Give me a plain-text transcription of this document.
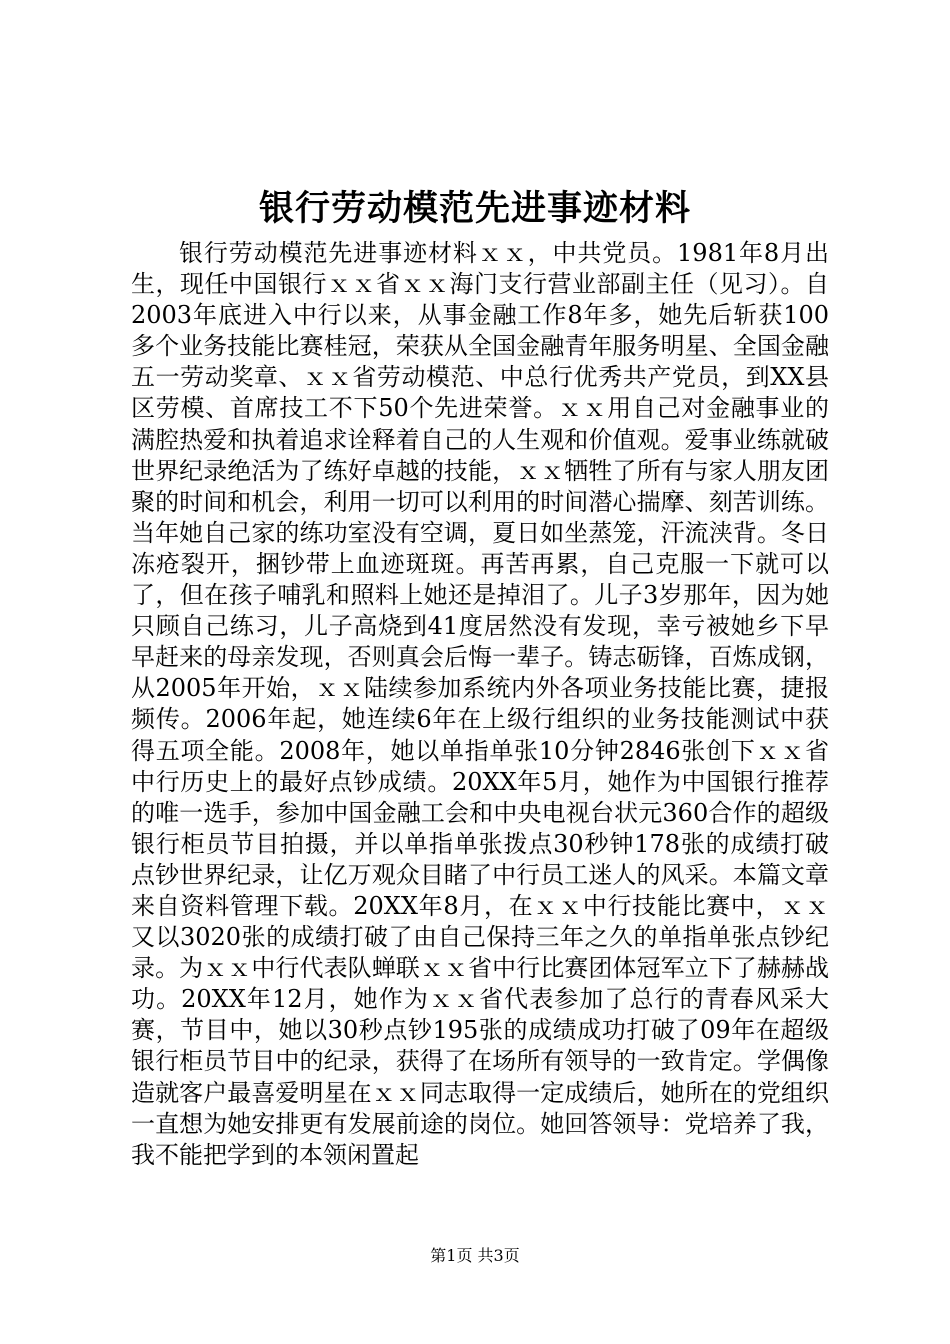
银行劳动模范先进事迹材料

银行劳动模范先进事迹材料ｘｘ，中共党员。1981年8月出生，现任中国银行ｘｘ省ｘｘ海门支行营业部副主任（见习）。自2003年底进入中行以来，从事金融工作8年多，她先后斩获100多个业务技能比赛桂冠，荣获从全国金融青年服务明星、全国金融五一劳动奖章、ｘｘ省劳动模范、中总行优秀共产党员，到XX县区劳模、首席技工不下50个先进荣誉。ｘｘ用自己对金融事业的满腔热爱和执着追求诠释着自己的人生观和价值观。爱事业练就破世界纪录绝活为了练好卓越的技能，ｘｘ牺牲了所有与家人朋友团聚的时间和机会，利用一切可以利用的时间潜心揣摩、刻苦训练。当年她自己家的练功室没有空调，夏日如坐蒸笼，汗流浃背。冬日冻疮裂开，捆钞带上血迹斑斑。再苦再累，自己克服一下就可以了，但在孩子哺乳和照料上她还是掉泪了。儿子3岁那年，因为她只顾自己练习，儿子高烧到41度居然没有发现，幸亏被她乡下早早赶来的母亲发现，否则真会后悔一辈子。铸志砺锋，百炼成钢，从2005年开始，ｘｘ陆续参加系统内外各项业务技能比赛，捷报频传。2006年起，她连续6年在上级行组织的业务技能测试中获得五项全能。2008年，她以单指单张10分钟2846张创下ｘｘ省中行历史上的最好点钞成绩。20XX年5月，她作为中国银行推荐的唯一选手，参加中国金融工会和中央电视台状元360合作的超级银行柜员节目拍摄，并以单指单张拨点30秒钟178张的成绩打破点钞世界纪录，让亿万观众目睹了中行员工迷人的风采。本篇文章来自资料管理下载。20XX年8月，在ｘｘ中行技能比赛中，ｘｘ又以3020张的成绩打破了由自己保持三年之久的单指单张点钞纪录。为ｘｘ中行代表队蝉联ｘｘ省中行比赛团体冠军立下了赫赫战功。20XX年12月，她作为ｘｘ省代表参加了总行的青春风采大赛，节目中，她以30秒点钞195张的成绩成功打破了09年在超级银行柜员节目中的纪录，获得了在场所有领导的一致肯定。学偶像造就客户最喜爱明星在ｘｘ同志取得一定成绩后，她所在的党组织一直想为她安排更有发展前途的岗位。她回答领导：党培养了我，我不能把学到的本领闲置起

第1页 共3页
